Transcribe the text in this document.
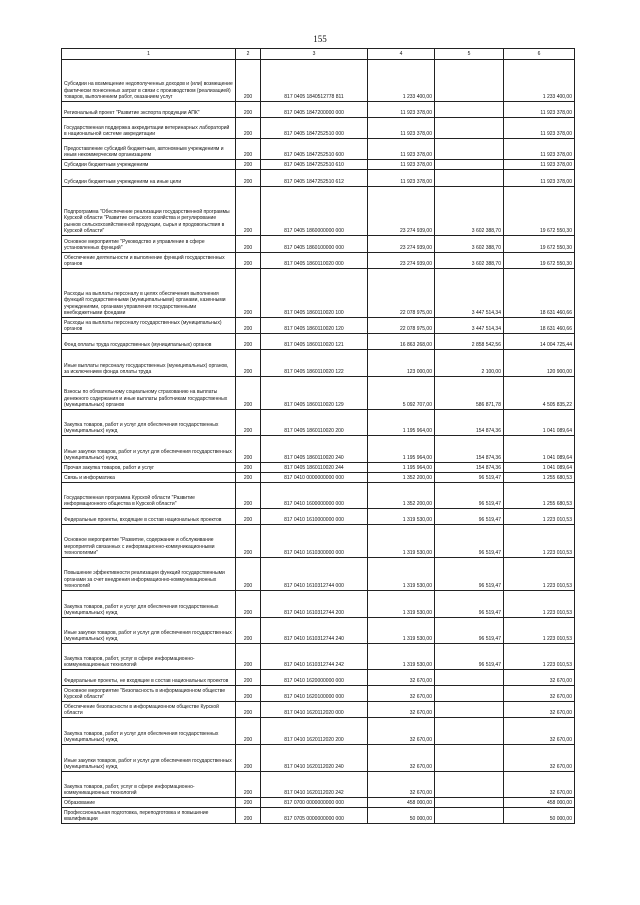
155
1	2	3	4	5	6
Субсидии на возмещение недополученных доходов и (или) возмещение фактически понесенных затрат в связи с производством (реализацией) товаров, выполнением работ, оказанием услуг	200	817 0405 1840512778 811	1 233 400,00		1 233 400,00
Региональный проект "Развитие экспорта продукции АПК"	200	817 0405 1847200000 000	11 923 378,00		11 923 378,00
Государственная поддержка аккредитации ветеринарных лабораторий в национальной системе аккредитации	200	817 0405 1847252510 000	11 923 378,00		11 923 378,00
Предоставление субсидий бюджетным, автономным учреждениям и иным некоммерческим организациям	200	817 0405 1847252510 600	11 923 378,00		11 923 378,00
Субсидии бюджетным учреждениям	200	817 0405 1847252510 610	11 923 378,00		11 923 378,00
Субсидии бюджетным учреждениям на иные цели	200	817 0405 1847252510 612	11 923 378,00		11 923 378,00
Подпрограмма "Обеспечение реализации государственной программы Курской области "Развитие сельского хозяйства и регулирование рынков сельскохозяйственной продукции, сырья и продовольствия в Курской области"	200	817 0405 1860000000 000	23 274 939,00	3 602 388,70	19 672 550,30
Основное мероприятие "Руководство и управление в сфере установленных функций"	200	817 0405 1860100000 000	23 274 939,00	3 602 388,70	19 672 550,30
Обеспечение деятельности и выполнение функций государственных органов	200	817 0405 1860110020 000	23 274 939,00	3 602 388,70	19 672 550,30
Расходы на выплаты персоналу в целях обеспечения выполнения функций государственными (муниципальными) органами, казенными учреждениями, органами управления государственными внебюджетными фондами	200	817 0405 1860110020 100	22 078 975,00	3 447 514,34	18 631 460,66
Расходы на выплаты персоналу государственных (муниципальных) органов	200	817 0405 1860110020 120	22 078 975,00	3 447 514,34	18 631 460,66
Фонд оплаты труда государственных (муниципальных) органов	200	817 0405 1860110020 121	16 863 268,00	2 858 542,56	14 004 725,44
Иные выплаты персоналу государственных (муниципальных) органов, за исключением фонда оплаты труда	200	817 0405 1860110020 122	123 000,00	2 100,00	120 900,00
Взносы по обязательному социальному страхованию на выплаты денежного содержания и иные выплаты работникам государственных (муниципальных) органов	200	817 0405 1860110020 129	5 092 707,00	586 871,78	4 505 835,22
Закупка товаров, работ и услуг для обеспечения государственных (муниципальных) нужд	200	817 0405 1860110020 200	1 195 964,00	154 874,36	1 041 089,64
Иные закупки товаров, работ и услуг для обеспечения государственных (муниципальных) нужд	200	817 0405 1860110020 240	1 195 964,00	154 874,36	1 041 089,64
Прочая закупка товаров, работ и услуг	200	817 0405 1860110020 244	1 195 964,00	154 874,36	1 041 089,64
Связь и информатика	200	817 0410 0000000000 000	1 352 200,00	96 519,47	1 255 680,53
Государственная программа Курской области "Развитие информационного общества в Курской области"	200	817 0410 1600000000 000	1 352 200,00	96 519,47	1 255 680,53
Федеральные проекты, входящие в состав национальных проектов	200	817 0410 1610000000 000	1 319 530,00	96 519,47	1 223 010,53
Основное мероприятие "Развитие, содержание и обслуживание мероприятий связанных с информационно-коммуникационными технологиями"	200	817 0410 1610300000 000	1 319 530,00	96 519,47	1 223 010,53
Повышение эффективности реализации функций государственными органами за счет внедрения информационно-коммуникационных технологий	200	817 0410 1610312744 000	1 319 530,00	96 519,47	1 223 010,53
Закупка товаров, работ и услуг для обеспечения государственных (муниципальных) нужд	200	817 0410 1610312744 200	1 319 530,00	96 519,47	1 223 010,53
Иные закупки товаров, работ и услуг для обеспечения государственных (муниципальных) нужд	200	817 0410 1610312744 240	1 319 530,00	96 519,47	1 223 010,53
Закупка товаров, работ, услуг в сфере информационно-коммуникационных технологий	200	817 0410 1610312744 242	1 319 530,00	96 519,47	1 223 010,53
Федеральные проекты, не входящие в состав национальных проектов	200	817 0410 1620000000 000	32 670,00		32 670,00
Основное мероприятие "Безопасность в информационном обществе Курской области"	200	817 0410 1620100000 000	32 670,00		32 670,00
Обеспечение безопасности в информационном обществе Курской области	200	817 0410 1620112020 000	32 670,00		32 670,00
Закупка товаров, работ и услуг для обеспечения государственных (муниципальных) нужд	200	817 0410 1620112020 200	32 670,00		32 670,00
Иные закупки товаров, работ и услуг для обеспечения государственных (муниципальных) нужд	200	817 0410 1620112020 240	32 670,00		32 670,00
Закупка товаров, работ, услуг в сфере информационно-коммуникационных технологий	200	817 0410 1620112020 242	32 670,00		32 670,00
Образование	200	817 0700 0000000000 000	458 000,00		458 000,00
Профессиональная подготовка, переподготовка и повышение квалификации	200	817 0705 0000000000 000	50 000,00		50 000,00
